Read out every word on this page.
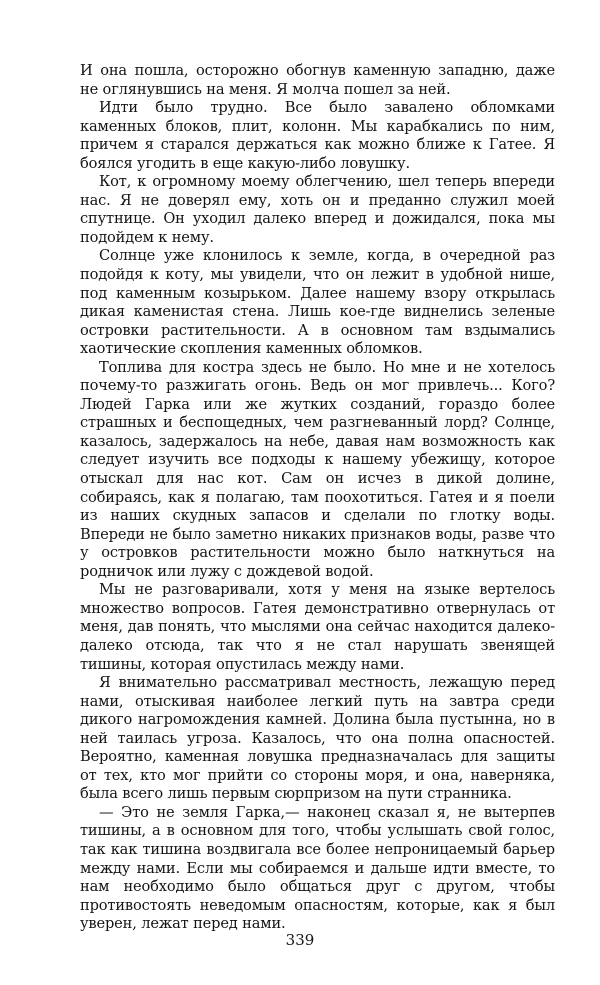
И она пошла, осторожно обогнув каменную западню, даже не оглянувшись на меня. Я молча пошел за ней.

Идти было трудно. Все было завалено обломками каменных блоков, плит, колонн. Мы карабкались по ним, причем я старался держаться как можно ближе к Гатее. Я боялся угодить в еще какую-либо ловушку.

Кот, к огромному моему облегчению, шел теперь впереди нас. Я не доверял ему, хоть он и преданно служил моей спутнице. Он уходил далеко вперед и дожидался, пока мы подойдем к нему.

Солнце уже клонилось к земле, когда, в очередной раз подойдя к коту, мы увидели, что он лежит в удобной нише, под каменным козырьком. Далее нашему взору открылась дикая каменистая стена. Лишь кое-где виднелись зеленые островки растительности. А в основном там вздымались хаотические скопления каменных обломков.

Топлива для костра здесь не было. Но мне и не хотелось почему-то разжигать огонь. Ведь он мог привлечь... Кого? Людей Гарка или же жутких созданий, гораздо более страшных и беспощедных, чем разгневанный лорд? Солнце, казалось, задержалось на небе, давая нам возможность как следует изучить все подходы к нашему убежищу, которое отыскал для нас кот. Сам он исчез в дикой долине, собираясь, как я полагаю, там поохотиться. Гатея и я поели из наших скудных запасов и сделали по глотку воды. Впереди не было заметно никаких признаков воды, разве что у островков растительности можно было наткнуться на родничок или лужу с дождевой водой.

Мы не разговаривали, хотя у меня на языке вертелось множество вопросов. Гатея демонстративно отвернулась от меня, дав понять, что мыслями она сейчас находится далеко-далеко отсюда, так что я не стал нарушать звенящей тишины, которая опустилась между нами.

Я внимательно рассматривал местность, лежащую перед нами, отыскивая наиболее легкий путь на завтра среди дикого нагромождения камней. Долина была пустынна, но в ней таилась угроза. Казалось, что она полна опасностей. Вероятно, каменная ловушка предназначалась для защиты от тех, кто мог прийти со стороны моря, и она, наверняка, была всего лишь первым сюрпризом на пути странника.

— Это не земля Гарка,— наконец сказал я, не вытерпев тишины, а в основном для того, чтобы услышать свой голос, так как тишина воздвигала все более непроницаемый барьер между нами. Если мы собираемся и дальше идти вместе, то нам необходимо было общаться друг с другом, чтобы противостоять неведомым опасностям, которые, как я был уверен, лежат перед нами.

339
